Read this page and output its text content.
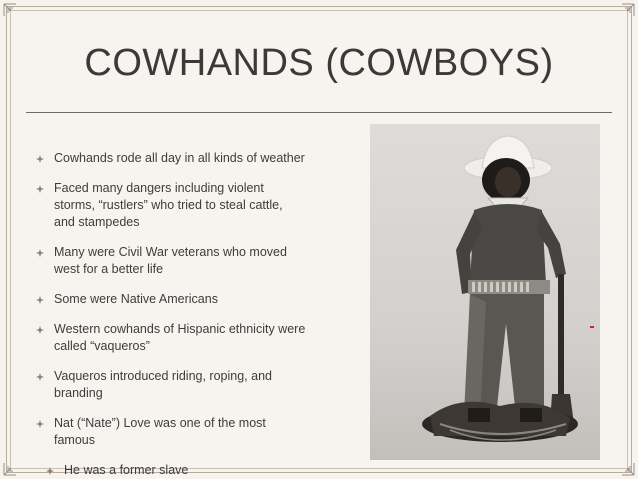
COWHANDS (COWBOYS)
Cowhands rode all day in all kinds of weather
Faced many dangers including violent storms, “rustlers” who tried to steal cattle, and stampedes
Many were Civil War veterans who moved west for a better life
Some were Native Americans
Western cowhands of Hispanic ethnicity were called “vaqueros”
Vaqueros introduced riding, roping, and branding
Nat (“Nate”) Love was one of the most famous
He was a former slave
